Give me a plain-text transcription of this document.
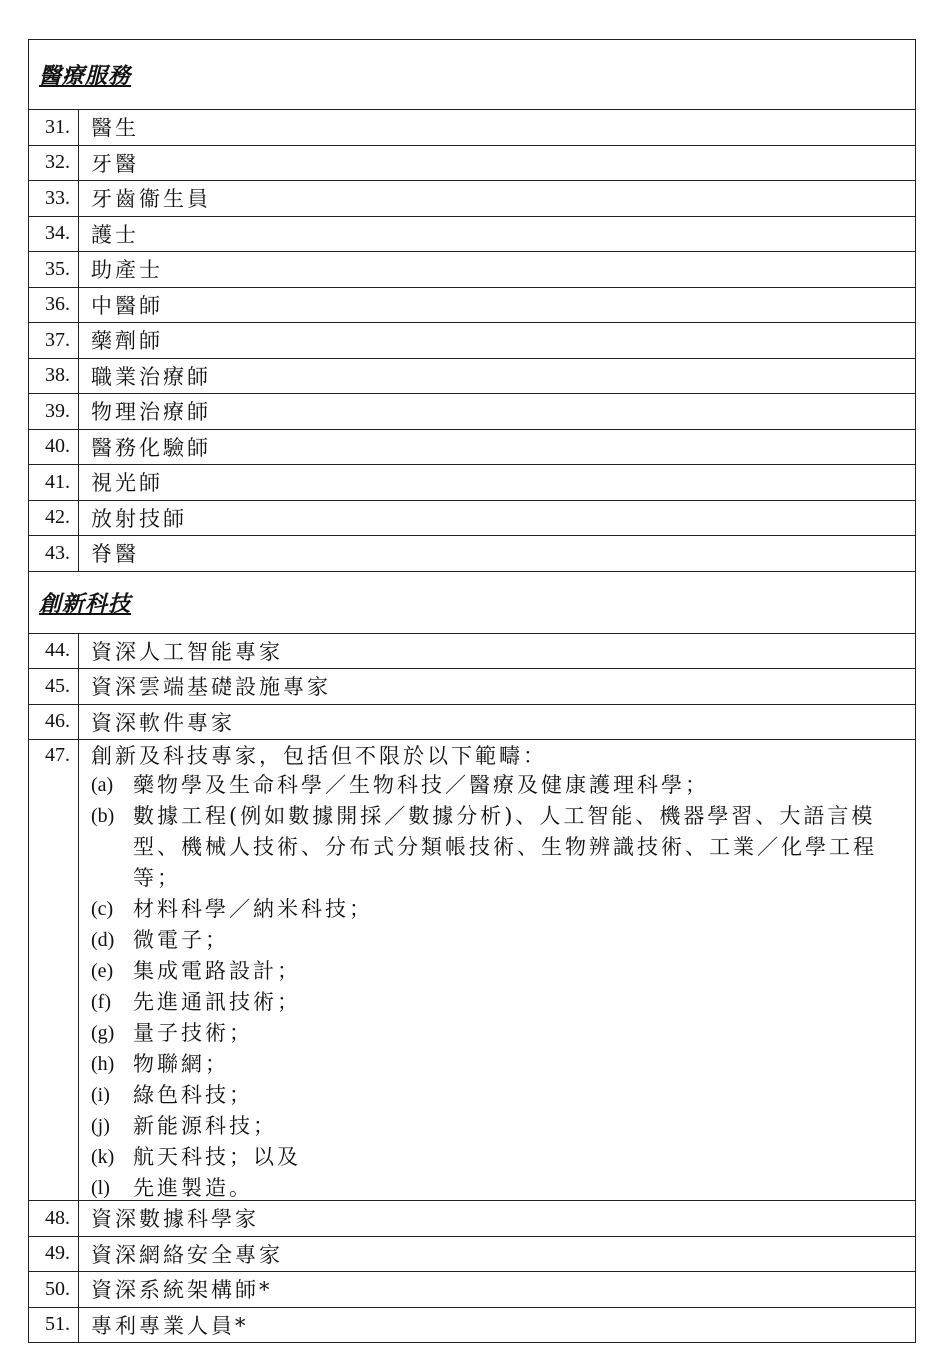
醫療服務
31.	醫生
32.	牙醫
33.	牙齒衞生員
34.	護士
35.	助產士
36.	中醫師
37.	藥劑師
38.	職業治療師
39.	物理治療師
40.	醫務化驗師
41.	視光師
42.	放射技師
43.	脊醫
創新科技
44.	資深人工智能專家
45.	資深雲端基礎設施專家
46.	資深軟件專家
47.	創新及科技專家，包括但不限於以下範疇：
(a) 藥物學及生命科學／生物科技／醫療及健康護理科學；
(b) 數據工程(例如數據開採／數據分析)、人工智能、機器學習、大語言模型、機械人技術、分布式分類帳技術、生物辨識技術、工業／化學工程等；
(c) 材料科學／納米科技；
(d) 微電子；
(e) 集成電路設計；
(f)	先進通訊技術；
(g) 量子技術；
(h) 物聯網；
(i)	綠色科技；
(j)	新能源科技；
(k) 航天科技；以及
(l)	先進製造。
48.	資深數據科學家
49.	資深網絡安全專家
50.	資深系統架構師*
51.	專利專業人員*
